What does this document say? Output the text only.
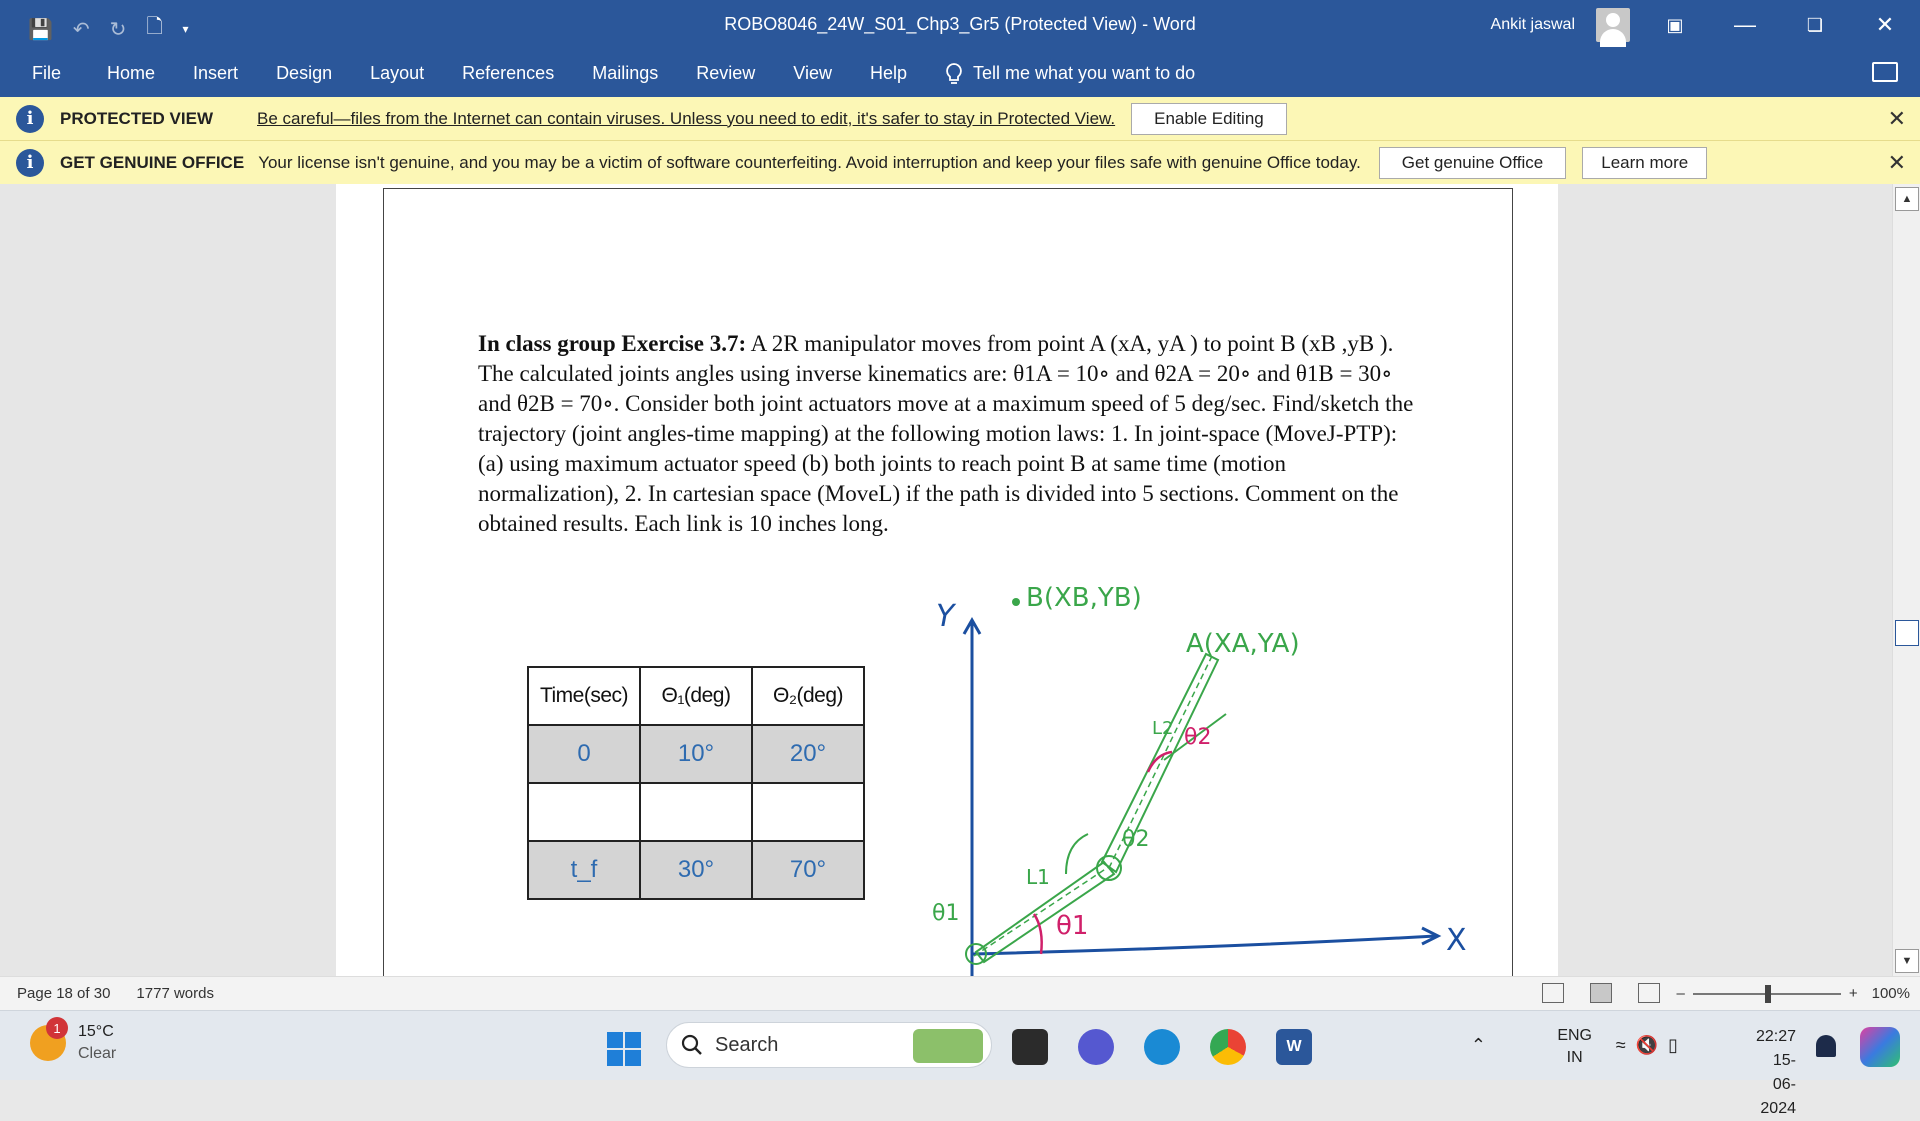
💾 ↶ ↻ 🗋 ▾	ROBO8046_24W_S01_Chp3_Gr5 (Protected View) - Word	Ankit jaswal	▣	—	❏	✕
File	Home Insert Design Layout References Mailings Review View Help	Tell me what you want to do
i	PROTECTED VIEW	Be careful—files from the Internet can contain viruses. Unless you need to edit, it's safer to stay in Protected View.	Enable Editing	✕
i	GET GENUINE OFFICE Your license isn't genuine, and you may be a victim of software counterfeiting. Avoid interruption and keep your files safe with genuine Office today.	Get genuine Office	Learn more	✕
In class group Exercise 3.7: A 2R manipulator moves from point A (xA, yA ) to point B (xB ,yB ). The calculated joints angles using inverse kinematics are: θ1A = 10∘ and θ2A = 20∘ and θ1B = 30∘ and θ2B = 70∘. Consider both joint actuators move at a maximum speed of 5 deg/sec. Find/sketch the trajectory (joint angles-time mapping) at the following motion laws: 1. In joint-space (MoveJ-PTP): (a) using maximum actuator speed (b) both joints to reach point B at same time (motion normalization), 2. In cartesian space (MoveL) if the path is divided into 5 sections. Comment on the obtained results. Each link is 10 inches long.
Time(sec)	Θ₁(deg)	Θ₂(deg)
0	10°	20°

t_f	30°	70°
Y
X
B(XB,YB)
A(XA,YA)
L1
L2
θ1
θ2
θ2
θ1
▲
▼
Page 18 of 30 1777 words	–	+ 100%
1	15°C
Clear	Search	W	⌃	ENG
IN
≈ 🔇 ▯	22:27
15-06-2024
